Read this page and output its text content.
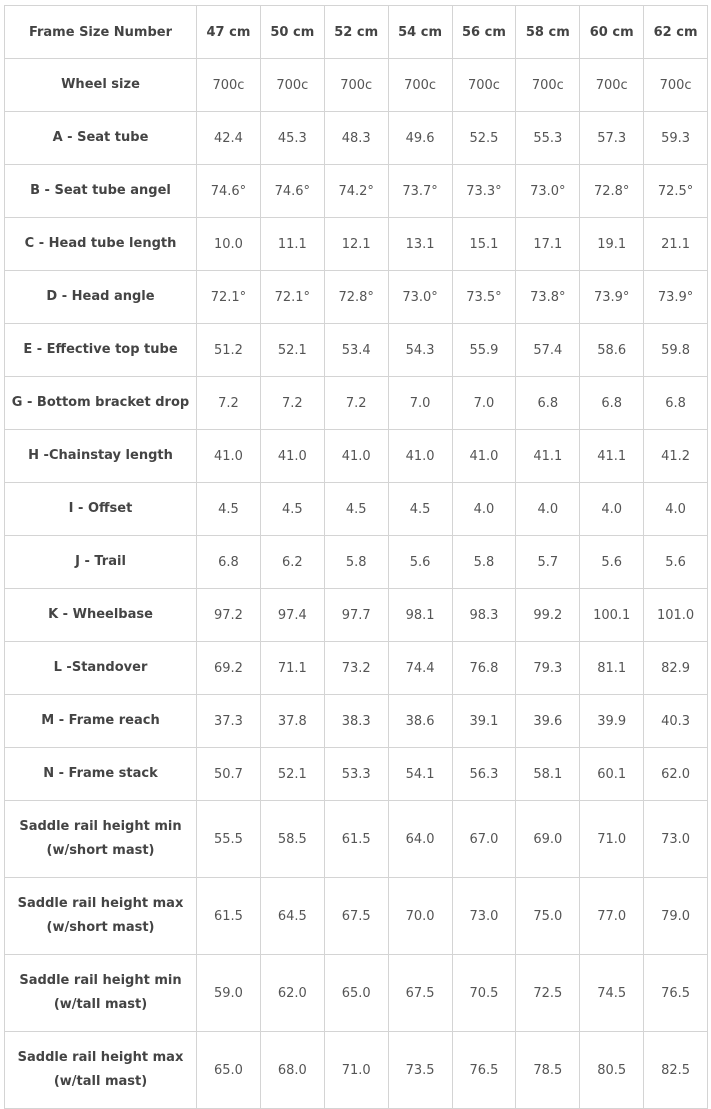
Frame Size Number	47 cm	50 cm	52 cm	54 cm	56 cm	58 cm	60 cm	62 cm
Wheel size	700c	700c	700c	700c	700c	700c	700c	700c
A - Seat tube	42.4	45.3	48.3	49.6	52.5	55.3	57.3	59.3
B - Seat tube angel	74.6°	74.6°	74.2°	73.7°	73.3°	73.0°	72.8°	72.5°
C - Head tube length	10.0	11.1	12.1	13.1	15.1	17.1	19.1	21.1
D - Head angle	72.1°	72.1°	72.8°	73.0°	73.5°	73.8°	73.9°	73.9°
E - Effective top tube	51.2	52.1	53.4	54.3	55.9	57.4	58.6	59.8
G - Bottom bracket drop	7.2	7.2	7.2	7.0	7.0	6.8	6.8	6.8
H -Chainstay length	41.0	41.0	41.0	41.0	41.0	41.1	41.1	41.2
I - Offset	4.5	4.5	4.5	4.5	4.0	4.0	4.0	4.0
J - Trail	6.8	6.2	5.8	5.6	5.8	5.7	5.6	5.6
K - Wheelbase	97.2	97.4	97.7	98.1	98.3	99.2	100.1	101.0
L -Standover	69.2	71.1	73.2	74.4	76.8	79.3	81.1	82.9
M - Frame reach	37.3	37.8	38.3	38.6	39.1	39.6	39.9	40.3
N - Frame stack	50.7	52.1	53.3	54.1	56.3	58.1	60.1	62.0
Saddle rail height min
(w/short mast)	55.5	58.5	61.5	64.0	67.0	69.0	71.0	73.0
Saddle rail height max
(w/short mast)	61.5	64.5	67.5	70.0	73.0	75.0	77.0	79.0
Saddle rail height min
(w/tall mast)	59.0	62.0	65.0	67.5	70.5	72.5	74.5	76.5
Saddle rail height max
(w/tall mast)	65.0	68.0	71.0	73.5	76.5	78.5	80.5	82.5
